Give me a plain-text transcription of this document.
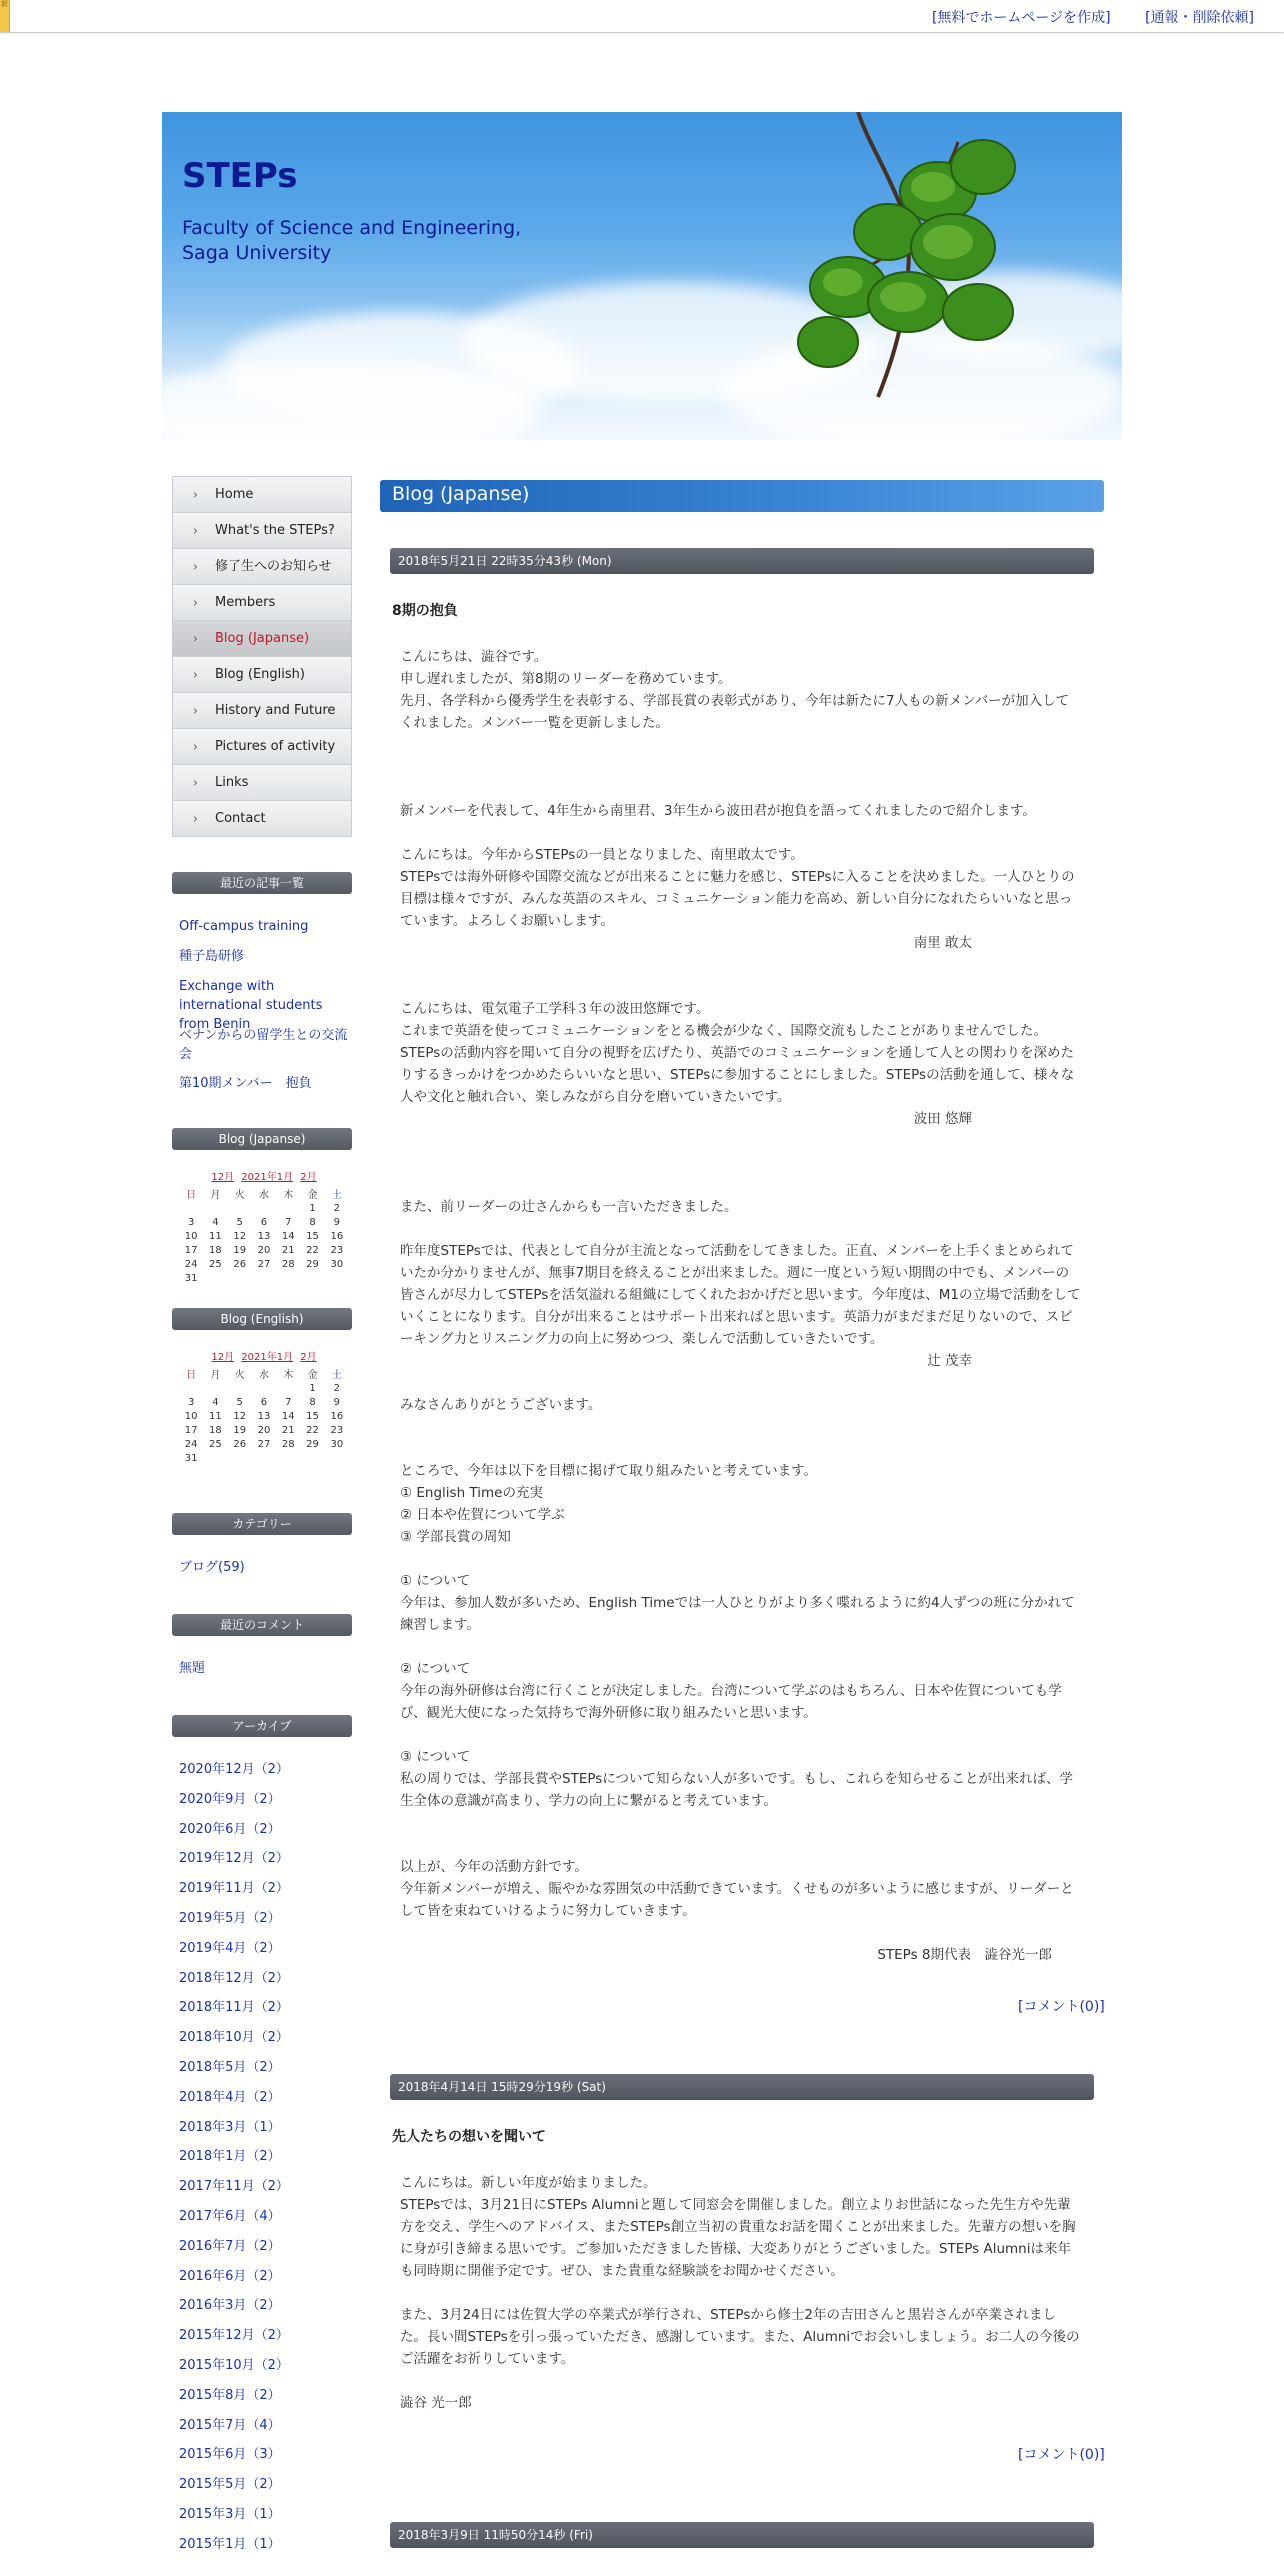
新
[無料でホームページを作成] [通報・削除依頼]
STEPs
Faculty of Science and Engineering,
Saga University
› Home
› What's the STEPs?
› 修了生へのお知らせ
› Members
› Blog (Japanse)
› Blog (English)
› History and Future
› Pictures of activity
› Links
› Contact
最近の記事一覧
Off-campus training
種子島研修
Exchange with international students from Benin
ベナンからの留学生との交流会
第10期メンバー　抱負
Blog (Japanse)
12月 2021年1月 2月
日	月	火	水	木	金	土
					1	2
3	4	5	6	7	8	9
10	11	12	13	14	15	16
17	18	19	20	21	22	23
24	25	26	27	28	29	30
31						
Blog (English)
12月 2021年1月 2月
日	月	火	水	木	金	土
					1	2
3	4	5	6	7	8	9
10	11	12	13	14	15	16
17	18	19	20	21	22	23
24	25	26	27	28	29	30
31						
カテゴリー
ブログ(59)
最近のコメント
無題
アーカイブ
2020年12月（2）
2020年9月（2）
2020年6月（2）
2019年12月（2）
2019年11月（2）
2019年5月（2）
2019年4月（2）
2018年12月（2）
2018年11月（2）
2018年10月（2）
2018年5月（2）
2018年4月（2）
2018年3月（1）
2018年1月（2）
2017年11月（2）
2017年6月（4）
2016年7月（2）
2016年6月（2）
2016年3月（2）
2015年12月（2）
2015年10月（2）
2015年8月（2）
2015年7月（4）
2015年6月（3）
2015年5月（2）
2015年3月（1）
2015年1月（1）
Blog (Japanse)
2018年5月21日 22時35分43秒 (Mon)
8期の抱負

こんにちは、澁谷です。
申し遅れましたが、第8期のリーダーを務めています。
先月、各学科から優秀学生を表彰する、学部長賞の表彰式があり、今年は新たに7人もの新メンバーが加入してくれました。メンバー一覧を更新しました。

新メンバーを代表して、4年生から南里君、3年生から波田君が抱負を語ってくれましたので紹介します。

こんにちは。今年からSTEPsの一員となりました、南里敢太です。
STEPsでは海外研修や国際交流などが出来ることに魅力を感じ、STEPsに入ることを決めました。一人ひとりの目標は様々ですが、みんな英語のスキル、コミュニケーション能力を高め、新しい自分になれたらいいなと思っています。よろしくお願いします。

南里 敢太

こんにちは、電気電子工学科３年の波田悠輝です。
これまで英語を使ってコミュニケーションをとる機会が少なく、国際交流もしたことがありませんでした。STEPsの活動内容を聞いて自分の視野を広げたり、英語でのコミュニケーションを通して人との関わりを深めたりするきっかけをつかめたらいいなと思い、STEPsに参加することにしました。STEPsの活動を通して、様々な人や文化と触れ合い、楽しみながら自分を磨いていきたいです。

波田 悠輝

また、前リーダーの辻さんからも一言いただきました。

昨年度STEPsでは、代表として自分が主流となって活動をしてきました。正直、メンバーを上手くまとめられていたか分かりませんが、無事7期目を終えることが出来ました。週に一度という短い期間の中でも、メンバーの皆さんが尽力してSTEPsを活気溢れる組織にしてくれたおかげだと思います。今年度は、M1の立場で活動をしていくことになります。自分が出来ることはサポート出来ればと思います。英語力がまだまだ足りないので、スピーキング力とリスニング力の向上に努めつつ、楽しんで活動していきたいです。

辻 茂幸

みなさんありがとうございます。

ところで、今年は以下を目標に掲げて取り組みたいと考えています。
① English Timeの充実
② 日本や佐賀について学ぶ
③ 学部長賞の周知

① について
今年は、参加人数が多いため、English Timeでは一人ひとりがより多く喋れるように約4人ずつの班に分かれて練習します。

② について
今年の海外研修は台湾に行くことが決定しました。台湾について学ぶのはもちろん、日本や佐賀についても学び、観光大使になった気持ちで海外研修に取り組みたいと思います。

③ について
私の周りでは、学部長賞やSTEPsについて知らない人が多いです。もし、これらを知らせることが出来れば、学生全体の意識が高まり、学力の向上に繋がると考えています。

以上が、今年の活動方針です。
今年新メンバーが増え、賑やかな雰囲気の中活動できています。くせものが多いように感じますが、リーダーとして皆を束ねていけるように努力していきます。

STEPs 8期代表　澁谷光一郎

[コメント(0)]
2018年4月14日 15時29分19秒 (Sat)
先人たちの想いを聞いて

こんにちは。新しい年度が始まりました。
STEPsでは、3月21日にSTEPs Alumniと題して同窓会を開催しました。創立よりお世話になった先生方や先輩方を交え、学生へのアドバイス、またSTEPs創立当初の貴重なお話を聞くことが出来ました。先輩方の想いを胸に身が引き締まる思いです。ご参加いただきました皆様、大変ありがとうございました。STEPs Alumniは来年も同時期に開催予定です。ぜひ、また貴重な経験談をお聞かせください。

また、3月24日には佐賀大学の卒業式が挙行され、STEPsから修士2年の吉田さんと黒岩さんが卒業されました。長い間STEPsを引っ張っていただき、感謝しています。また、Alumniでお会いしましょう。お二人の今後のご活躍をお祈りしています。

澁谷 光一郎

[コメント(0)]
2018年3月9日 11時50分14秒 (Fri)
